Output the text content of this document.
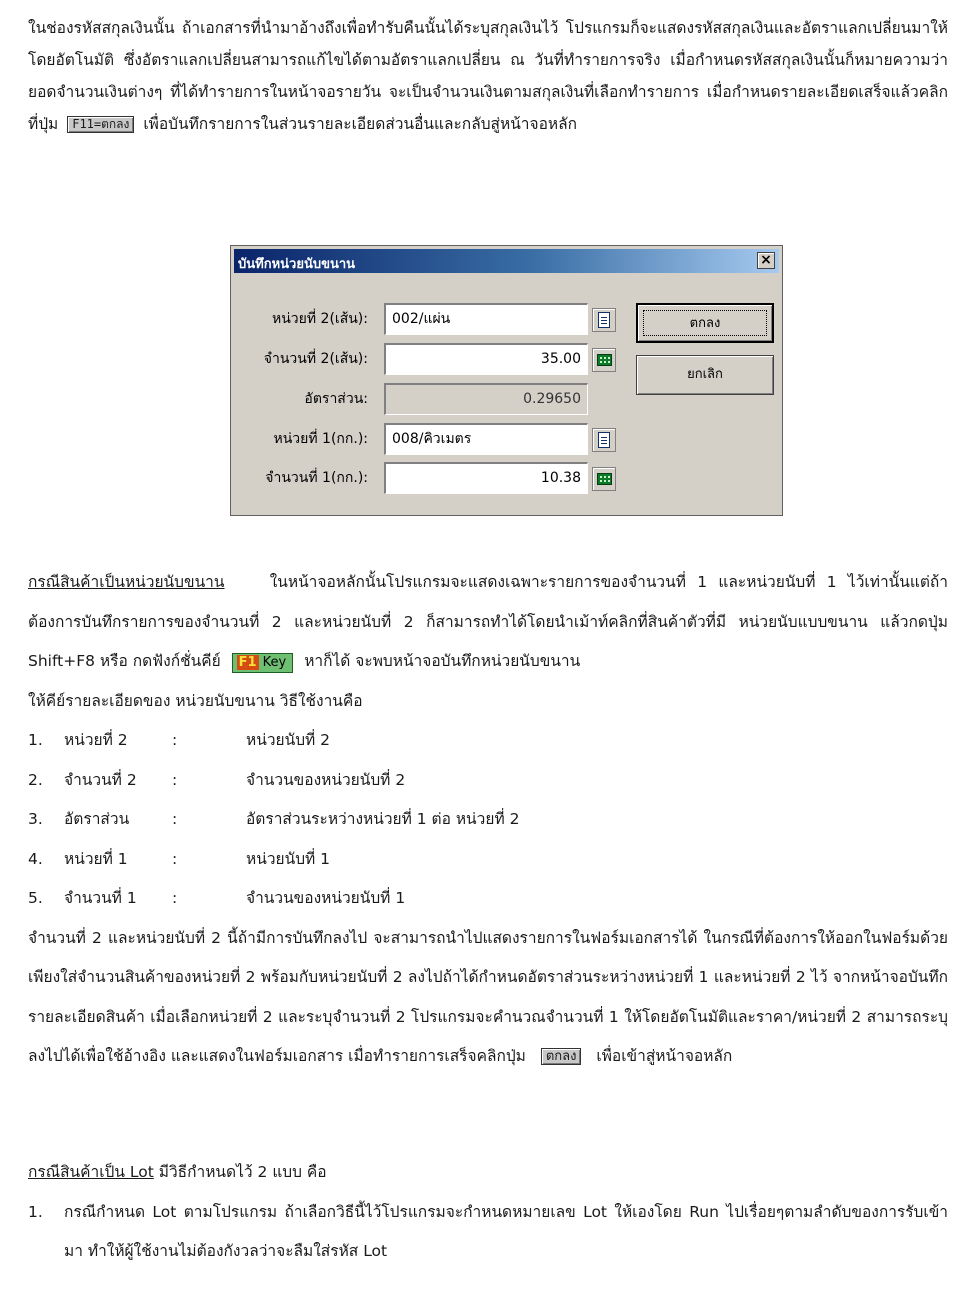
ในช่องรหัสสกุลเงินนั้น ถ้าเอกสารที่นำมาอ้างถึงเพื่อทำรับคืนนั้นได้ระบุสกุลเงินไว้ โปรแกรมก็จะแสดงรหัสสกุลเงินและอัตราแลกเปลี่ยนมาให้โดยอัตโนมัติ ซึ่งอัตราแลกเปลี่ยนสามารถแก้ไขได้ตามอัตราแลกเปลี่ยน ณ วันที่ทำรายการจริง เมื่อกำหนดรหัสสกุลเงินนั้นก็หมายความว่า ยอดจำนวนเงินต่างๆ ที่ได้ทำรายการในหน้าจอรายวัน จะเป็นจำนวนเงินตามสกุลเงินที่เลือกทำรายการ เมื่อกำหนดรายละเอียดเสร็จแล้วคลิกที่ปุ่ม F11=ตกลง เพื่อบันทึกรายการในส่วนรายละเอียดส่วนอื่นและกลับสู่หน้าจอหลัก

บันทึกหน่วยนับขนาน	×
หน่วยที่ 2(เส้น):	002/แผ่น
จำนวนที่ 2(เส้น):	35.00
อัตราส่วน:	0.29650
หน่วยที่ 1(กก.):	008/คิวเมตร
จำนวนที่ 1(กก.):	10.38
ตกลง
ยกเลิก

กรณีสินค้าเป็นหน่วยนับขนาน	ในหน้าจอหลักนั้นโปรแกรมจะแสดงเฉพาะรายการของจำนวนที่ 1 และหน่วยนับที่ 1 ไว้เท่านั้นแต่ถ้าต้องการบันทึกรายการของจำนวนที่ 2 และหน่วยนับที่ 2 ก็สามารถทำได้โดยนำเม้าท์คลิกที่สินค้าตัวที่มี หน่วยนับแบบขนาน แล้วกดปุ่ม Shift+F8 หรือ กดฟังก์ชั่นคีย์ F1 Key หาก็ได้ จะพบหน้าจอบันทึกหน่วยนับขนาน

ให้คีย์รายละเอียดของ หน่วยนับขนาน วิธีใช้งานคือ

1.	หน่วยที่ 2	:	หน่วยนับที่ 2
2.	จำนวนที่ 2 :	จำนวนของหน่วยนับที่ 2
3.	อัตราส่วน	:	อัตราส่วนระหว่างหน่วยที่ 1 ต่อ หน่วยที่ 2
4.	หน่วยที่ 1	:	หน่วยนับที่ 1
5.	จำนวนที่ 1 :	จำนวนของหน่วยนับที่ 1

จำนวนที่ 2 และหน่วยนับที่ 2 นี้ถ้ามีการบันทึกลงไป จะสามารถนำไปแสดงรายการในฟอร์มเอกสารได้ ในกรณีที่ต้องการให้ออกในฟอร์มด้วย เพียงใส่จำนวนสินค้าของหน่วยที่ 2 พร้อมกับหน่วยนับที่ 2 ลงไปถ้าได้กำหนดอัตราส่วนระหว่างหน่วยที่ 1 และหน่วยที่ 2 ไว้ จากหน้าจอบันทึกรายละเอียดสินค้า เมื่อเลือกหน่วยที่ 2 และระบุจำนวนที่ 2 โปรแกรมจะคำนวณจำนวนที่ 1 ให้โดยอัตโนมัติและราคา/หน่วยที่ 2 สามารถระบุลงไปได้เพื่อใช้อ้างอิง และแสดงในฟอร์มเอกสาร เมื่อทำรายการเสร็จคลิกปุ่ม ตกลง เพื่อเข้าสู่หน้าจอหลัก

กรณีสินค้าเป็น Lot มีวิธีกำหนดไว้ 2 แบบ คือ

1. กรณีกำหนด Lot ตามโปรแกรม ถ้าเลือกวิธีนี้ไว้โปรแกรมจะกำหนดหมายเลข Lot ให้เองโดย Run ไปเรื่อยๆตามลำดับของการรับเข้ามา ทำให้ผู้ใช้งานไม่ต้องกังวลว่าจะลืมใส่รหัส Lot
